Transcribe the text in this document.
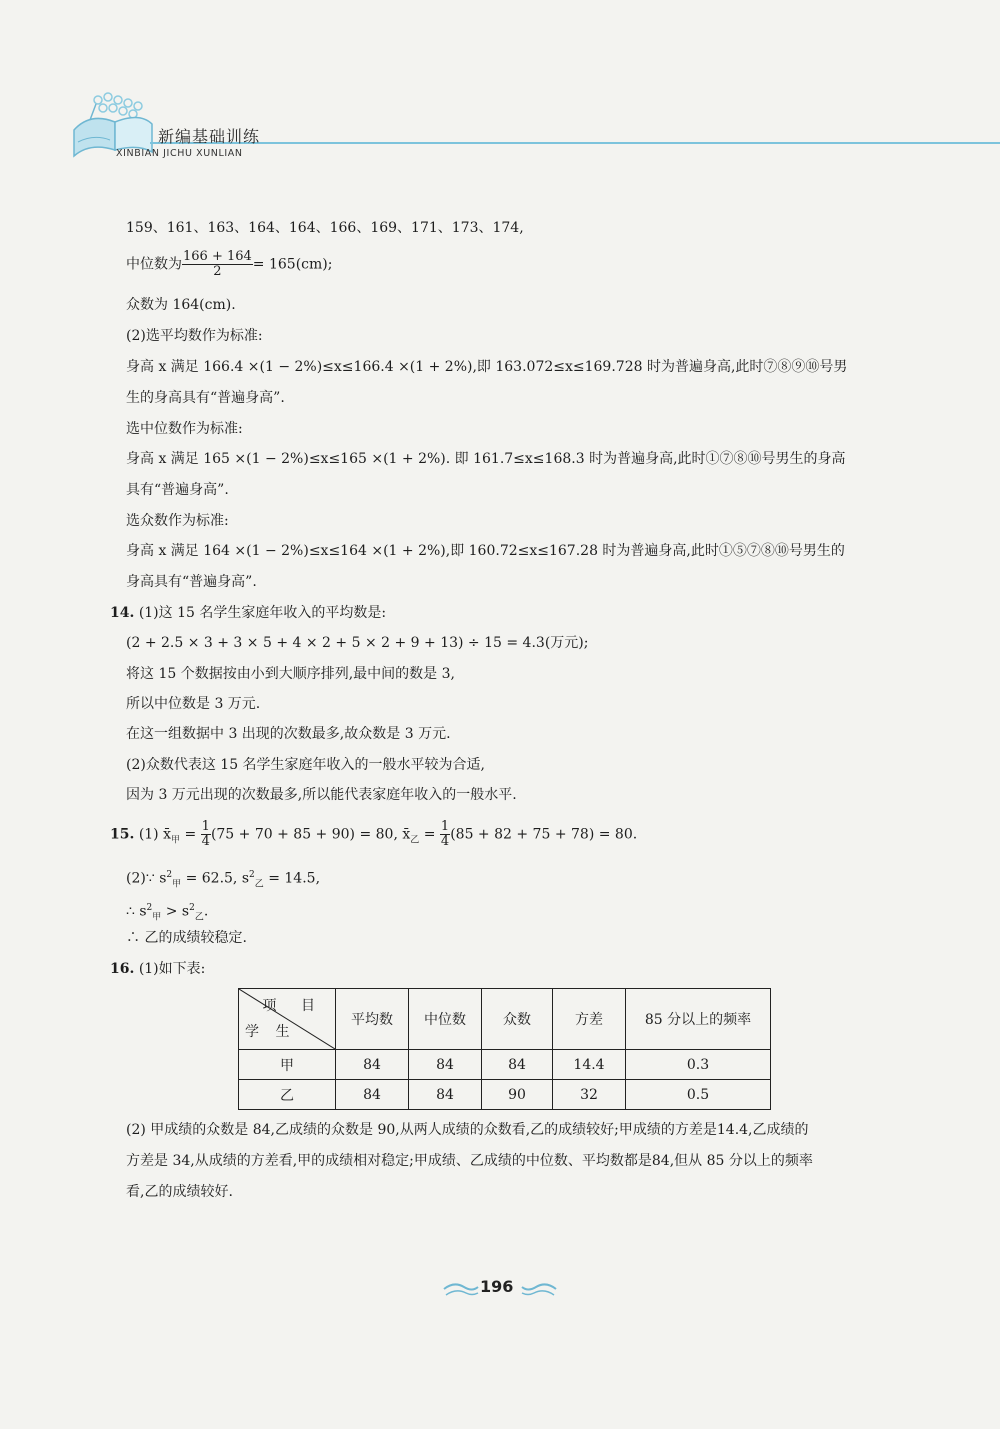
新编基础训练
XINBIAN JICHU XUNLIAN
159、161、163、164、164、166、169、171、173、174,
中位数为 $\frac{166 + 164}{2} = 165(cm)$;
众数为 164(cm).
(2)选平均数作为标准:
身高 x 满足 166.4 ×(1 − 2%)≤x≤166.4 ×(1 + 2%),即 163.072≤x≤169.728 时为普遍身高,此时⑦⑧⑨⑩号男
生的身高具有“普遍身高”.
选中位数作为标准:
身高 x 满足 165 ×(1 − 2%)≤x≤165 ×(1 + 2%). 即 161.7≤x≤168.3 时为普遍身高,此时①⑦⑧⑩号男生的身高
具有“普遍身高”.
选众数作为标准:
身高 x 满足 164 ×(1 − 2%)≤x≤164 ×(1 + 2%),即 160.72≤x≤167.28 时为普遍身高,此时①⑤⑦⑧⑩号男生的
身高具有“普遍身高”.
14. (1)这 15 名学生家庭年收入的平均数是:
(2 + 2.5 × 3 + 3 × 5 + 4 × 2 + 5 × 2 + 9 + 13) ÷ 15 = 4.3(万元);
将这 15 个数据按由小到大顺序排列,最中间的数是 3,
所以中位数是 3 万元.
在这一组数据中 3 出现的次数最多,故众数是 3 万元.
(2)众数代表这 15 名学生家庭年收入的一般水平较为合适,
因为 3 万元出现的次数最多,所以能代表家庭年收入的一般水平.
15. (1) $x̄_甲 = \frac{1}{4} (75 + 70 + 85 + 90) = 80$, $x̄_乙 = \frac{1}{4} (85 + 82 + 75 + 78) = 80$.
(2)∵ $s^2_甲 = 62.5$, $s^2_乙 = 14.5$,
∴ $s^2_甲 > s^2_乙$.
∴ 乙的成绩较稳定.
16. (1)如下表:
项 目
学 生	平均数	中位数	众数	方差	85 分以上的频率
甲	84	84	84	14.4	0.3
乙	84	84	90	32	0.5
(2) 甲成绩的众数是 84,乙成绩的众数是 90,从两人成绩的众数看,乙的成绩较好;甲成绩的方差是14.4,乙成绩的
方差是 34,从成绩的方差看,甲的成绩相对稳定;甲成绩、乙成绩的中位数、平均数都是84,但从 85 分以上的频率
看,乙的成绩较好.
196
